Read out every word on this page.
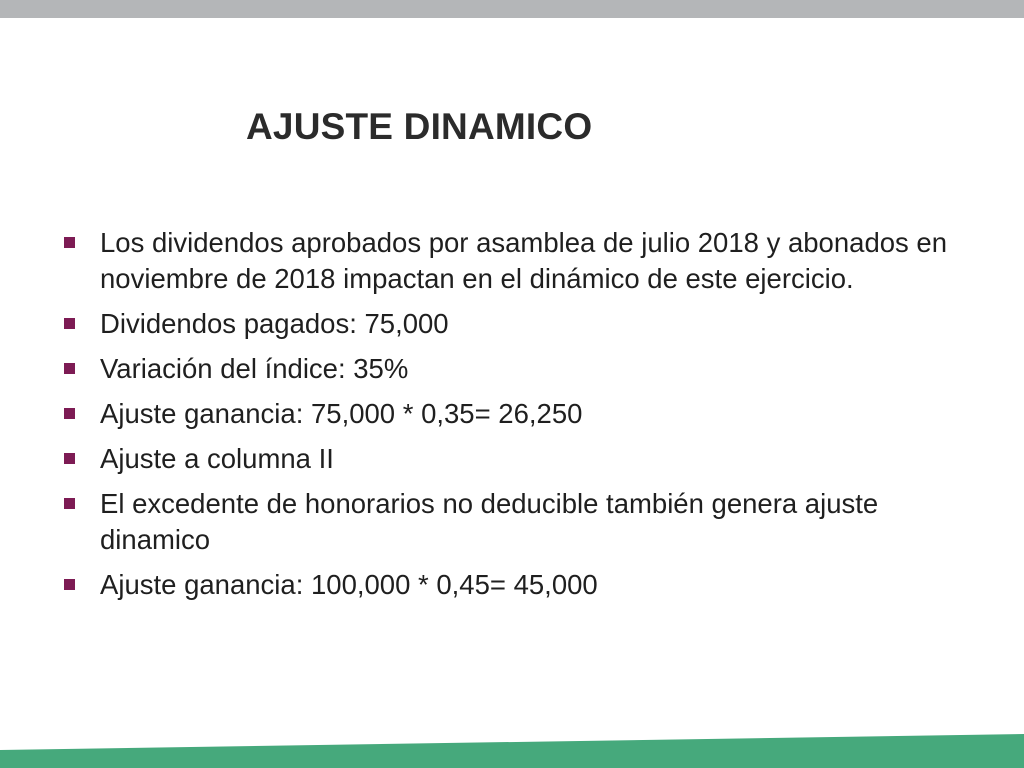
AJUSTE DINAMICO
Los dividendos aprobados por asamblea de julio 2018 y abonados en noviembre de 2018 impactan en el dinámico de este ejercicio.
Dividendos pagados: 75,000
Variación del índice: 35%
Ajuste ganancia: 75,000 * 0,35= 26,250
Ajuste a columna II
El excedente de honorarios no deducible también genera ajuste dinamico
Ajuste ganancia: 100,000 * 0,45= 45,000
